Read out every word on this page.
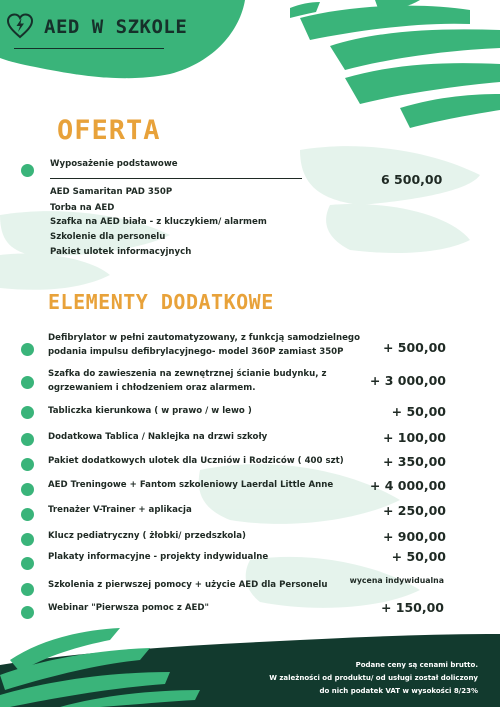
AED W SZKOLE
OFERTA
Wyposażenie podstawowe
6 500,00
AED Samaritan PAD 350P
Torba na AED
Szafka na AED biała - z kluczykiem/ alarmem
Szkolenie dla personelu
Pakiet ulotek informacyjnych
ELEMENTY DODATKOWE
Defibrylator w pełni zautomatyzowany, z funkcją samodzielnego
podania impulsu defibrylacyjnego- model 360P zamiast 350P	+ 500,00
Szafka do zawieszenia na zewnętrznej ścianie budynku, z
ogrzewaniem i chłodzeniem oraz alarmem.	+ 3 000,00
Tabliczka kierunkowa ( w prawo / w lewo )	+ 50,00
Dodatkowa Tablica / Naklejka na drzwi szkoły	+ 100,00
Pakiet dodatkowych ulotek dla Uczniów i Rodziców ( 400 szt)	+ 350,00
AED Treningowe + Fantom szkoleniowy Laerdal Little Anne	+ 4 000,00
Trenażer V-Trainer + aplikacja	+ 250,00
Klucz pediatryczny ( żłobki/ przedszkola)	+ 900,00
Plakaty informacyjne - projekty indywidualne	+ 50,00
Szkolenia z pierwszej pomocy + użycie AED dla Personelu	wycena indywidualna
Webinar "Pierwsza pomoc z AED"	+ 150,00
Podane ceny są cenami brutto.
W zależności od produktu/ od usługi został doliczony
do nich podatek VAT w wysokości 8/23%
